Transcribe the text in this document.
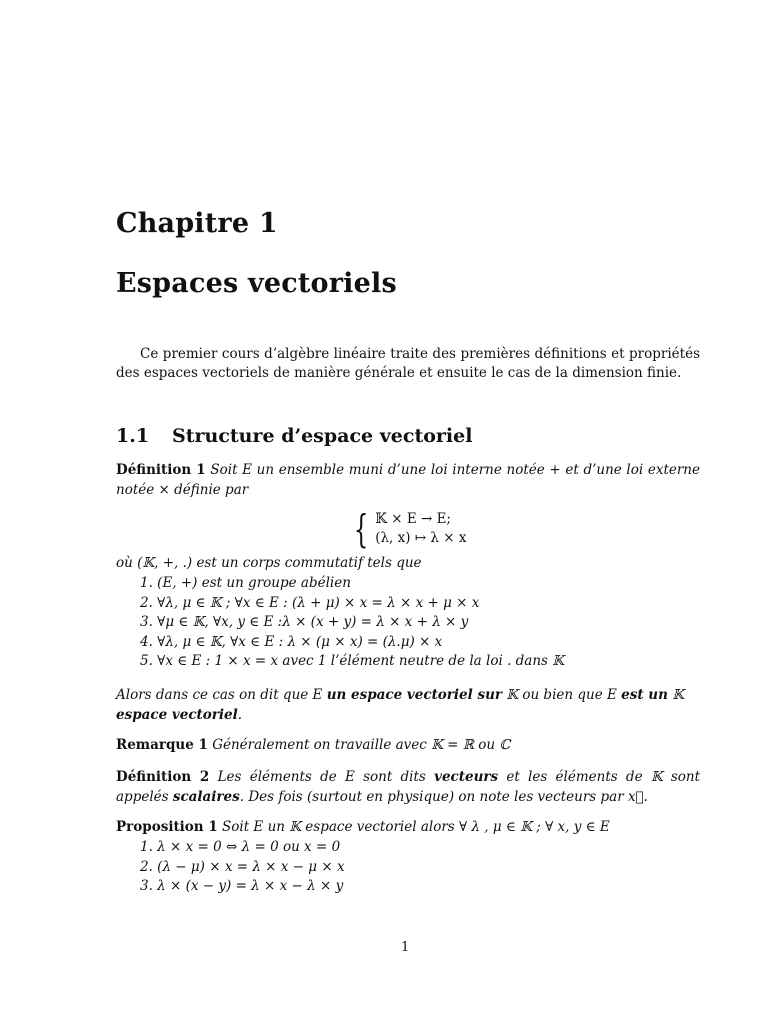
Chapitre 1
Espaces vectoriels

Ce premier cours d’algèbre linéaire traite des premières définitions et propriétés des espaces vectoriels de manière générale et ensuite le cas de la dimension finie.

1.1 Structure d’espace vectoriel
Définition 1 Soit E un ensemble muni d’une loi interne notée + et d’une loi externe notée × définie par
{ 𝕂 × E → E;
(λ, x) ↦ λ × x
où (𝕂, +, .) est un corps commutatif tels que
1. (E, +) est un groupe abélien
2. ∀λ, μ ∈ 𝕂 ; ∀x ∈ E : (λ + μ) × x = λ × x + μ × x
3. ∀μ ∈ 𝕂, ∀x, y ∈ E :λ × (x + y) = λ × x + λ × y
4. ∀λ, μ ∈ 𝕂, ∀x ∈ E : λ × (μ × x) = (λ.μ) × x
5. ∀x ∈ E : 1 × x = x avec 1 l’élément neutre de la loi . dans 𝕂
Alors dans ce cas on dit que E un espace vectoriel sur 𝕂 ou bien que E est un 𝕂
espace vectoriel.
Remarque 1 Généralement on travaille avec 𝕂 = ℝ ou ℂ
Définition 2 Les éléments de E sont dits vecteurs et les éléments de 𝕂 sont appelés scalaires. Des fois (surtout en physique) on note les vecteurs par x⃗.
Proposition 1 Soit E un 𝕂 espace vectoriel alors ∀ λ , μ ∈ 𝕂 ; ∀ x, y ∈ E
1. λ × x = 0 ⇔ λ = 0 ou x = 0
2. (λ − μ) × x = λ × x − μ × x
3. λ × (x − y) = λ × x − λ × y
1
